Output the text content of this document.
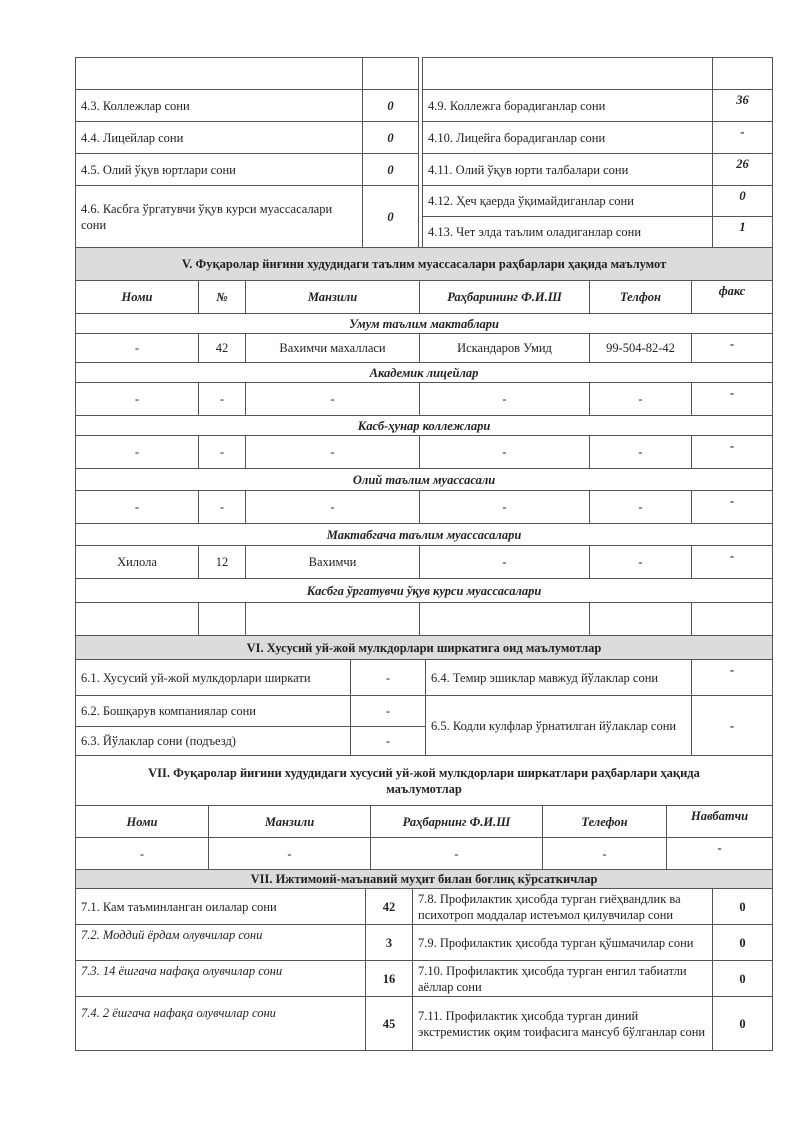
4.3. Коллежлар сони	0		4.9. Коллежга борадиганлар сони	36
4.4. Лицейлар сони	0		4.10. Лицейга борадиганлар сони	-
4.5. Олий ўқув юртлари сони	0		4.11. Олий ўқув юрти талбалари сони	26
4.6. Касбга ўргатувчи ўқув курси муассасалари сони	0		4.12. Ҳеч қаерда ўқимайдиганлар сони	0
			4.13. Чет элда таълим оладиганлар сони	1
V. Фуқаролар йиғини худудидаги таълим муассасалари раҳбарлари ҳақида маълумот					
Номи	№	Манзили	Раҳбарининг Ф.И.Ш	Телфон	факс
Умум таълим мактаблари					
-	42	Вахимчи махалласи	Искандаров Умид	99-504-82-42	-
Академик лицейлар					
-	-	-	-	-	-
Касб-ҳунар коллежлари					
-	-	-	-	-	-
Олий таълим муассасали					
-	-	-	-	-	-
Мактабгача таълим муассасалари					
Хилола	12	Вахимчи	-	-	-
Касбга ўргатувчи ўқув курси муассасалари					

VI. Хусусий уй-жой мулкдорлари ширкатига оид маълумотлар			
6.1. Хусусий уй-жой мулкдорлари ширкати	-	6.4. Темир эшиклар мавжуд йўлаклар сони	-
6.2. Бошқарув компаниялар сони	-	6.5. Кодли кулфлар ўрнатилган йўлаклар сони	-
6.3. Йўлаклар сони (подъезд)	-		
VII. Фуқаролар йиғини худудидаги хусусий уй-жой мулкдорлари ширкатлари раҳбарлари ҳақида маълумотлар				
Номи	Манзили	Раҳбарнинг Ф.И.Ш	Телефон	Навбатчи
-	-	-	-	-
VII. Ижтимоий-маънавий муҳит билан боғлиқ кўрсаткичлар			
7.1. Кам таъминланган оилалар сони	42	7.8. Профилактик ҳисобда турган гиёҳвандлик ва психотроп моддалар истеъмол қилувчилар сони	0
7.2. Моддий ёрдам олувчилар сони	3	7.9. Профилактик ҳисобда турган қўшмачилар сони	0
7.3. 14 ёшгача нафақа олувчилар сони	16	7.10. Профилактик ҳисобда турган енгил табиатли аёллар сони	0
7.4. 2 ёшгача нафақа олувчилар сони	45	7.11. Профилактик ҳисобда турган диний экстремистик оқим тоифасига мансуб бўлганлар сони	0
